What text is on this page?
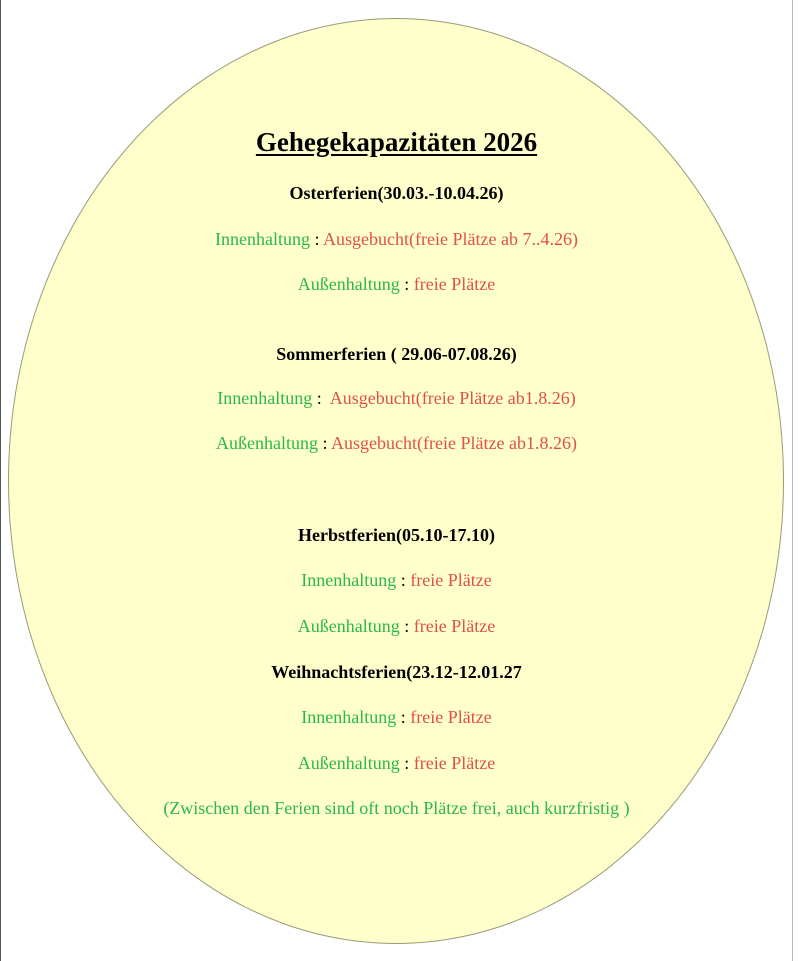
Gehegekapazitäten 2026
Osterferien(30.03.-10.04.26)
Innenhaltung : Ausgebucht(freie Plätze ab 7..4.26)
Außenhaltung : freie Plätze
Sommerferien ( 29.06-07.08.26)
Innenhaltung :  Ausgebucht(freie Plätze ab1.8.26)
Außenhaltung : Ausgebucht(freie Plätze ab1.8.26)
Herbstferien(05.10-17.10)
Innenhaltung : freie Plätze
Außenhaltung : freie Plätze
Weihnachtsferien(23.12-12.01.27
Innenhaltung : freie Plätze
Außenhaltung : freie Plätze
(Zwischen den Ferien sind oft noch Plätze frei, auch kurzfristig )
